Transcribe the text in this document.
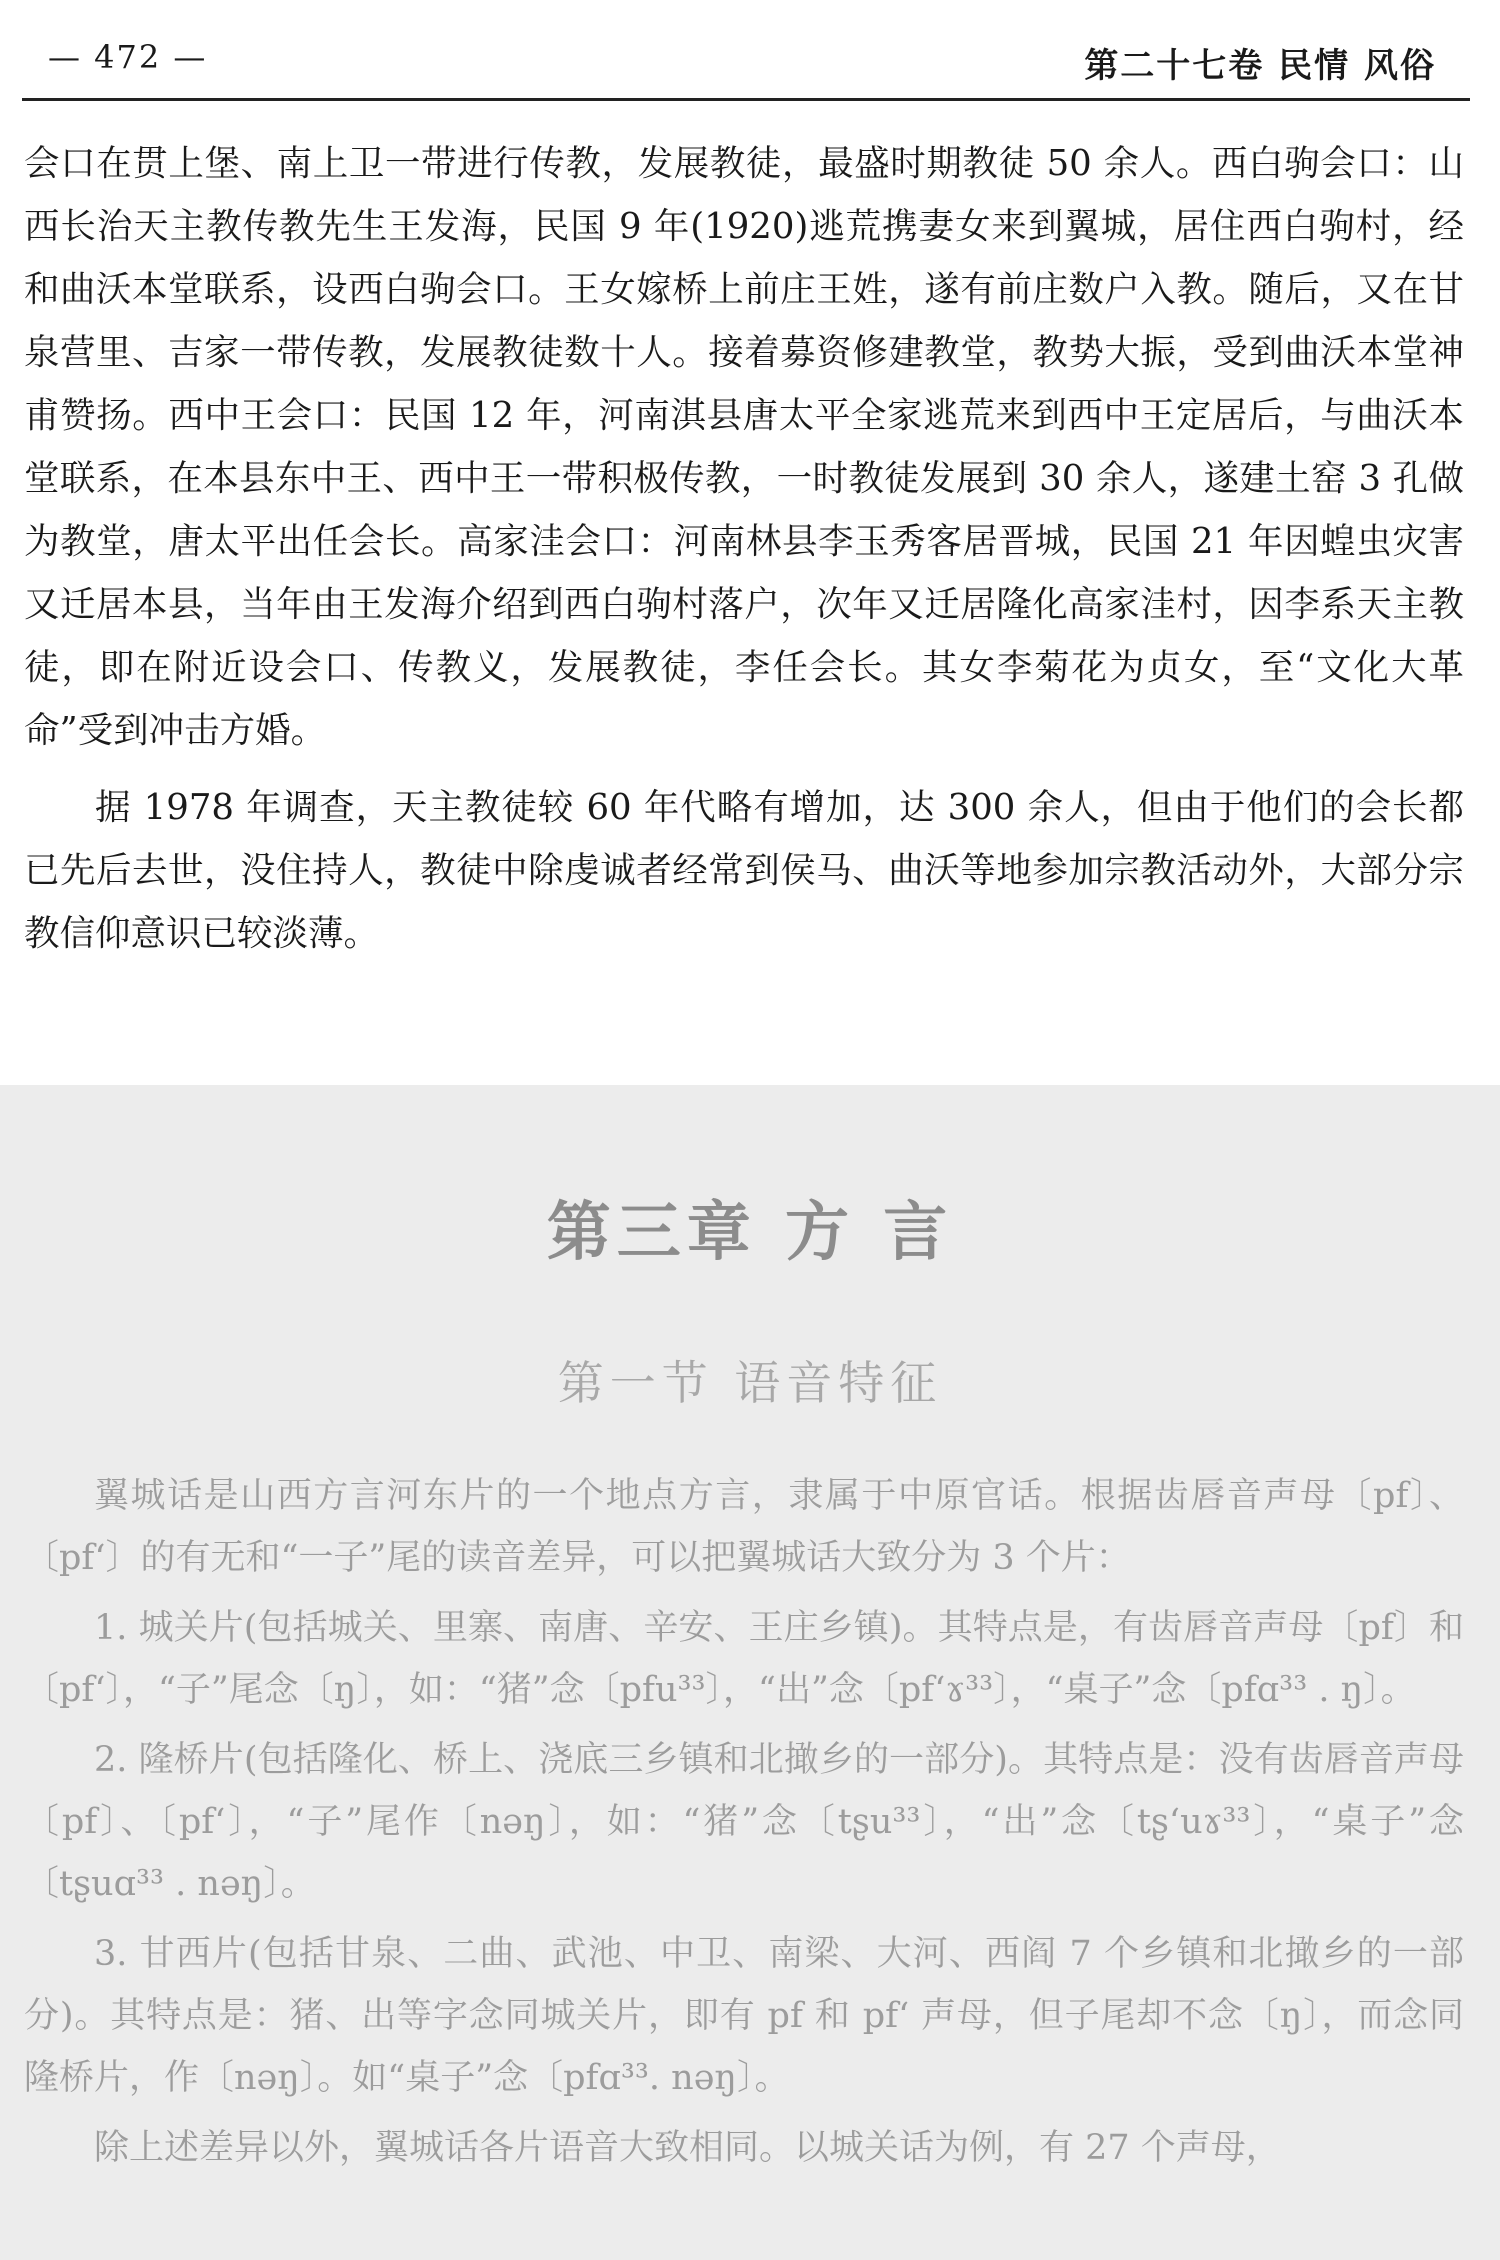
— 472 —	第二十七卷 民情 风俗

会口在贯上堡、南上卫一带进行传教，发展教徒，最盛时期教徒 50 余人。西白驹会口：山西长治天主教传教先生王发海，民国 9 年(1920)逃荒携妻女来到翼城，居住西白驹村，经和曲沃本堂联系，设西白驹会口。王女嫁桥上前庄王姓，遂有前庄数户入教。随后，又在甘泉营里、吉家一带传教，发展教徒数十人。接着募资修建教堂，教势大振，受到曲沃本堂神甫赞扬。西中王会口：民国 12 年，河南淇县唐太平全家逃荒来到西中王定居后，与曲沃本堂联系，在本县东中王、西中王一带积极传教，一时教徒发展到 30 余人，遂建土窑 3 孔做为教堂，唐太平出任会长。高家洼会口：河南林县李玉秀客居晋城，民国 21 年因蝗虫灾害又迁居本县，当年由王发海介绍到西白驹村落户，次年又迁居隆化高家洼村，因李系天主教徒，即在附近设会口、传教义，发展教徒，李任会长。其女李菊花为贞女，至“文化大革命”受到冲击方婚。

据 1978 年调查，天主教徒较 60 年代略有增加，达 300 余人，但由于他们的会长都已先后去世，没住持人，教徒中除虔诚者经常到侯马、曲沃等地参加宗教活动外，大部分宗教信仰意识已较淡薄。

第三章 方 言
第一节 语音特征

翼城话是山西方言河东片的一个地点方言，隶属于中原官话。根据齿唇音声母〔pf〕、〔pf‘〕的有无和“一子”尾的读音差异，可以把翼城话大致分为 3 个片：

1. 城关片(包括城关、里寨、南唐、辛安、王庄乡镇)。其特点是，有齿唇音声母〔pf〕和〔pf‘〕，“子”尾念〔ŋ〕，如：“猪”念〔pfu³³〕，“出”念〔pf‘ɤ³³〕，“桌子”念〔pfɑ³³ . ŋ〕。

2. 隆桥片(包括隆化、桥上、浇底三乡镇和北撖乡的一部分)。其特点是：没有齿唇音声母〔pf〕、〔pf‘〕，“子”尾作〔nəŋ〕，如：“猪”念〔tʂu³³〕，“出”念〔tʂ‘uɤ³³〕，“桌子”念〔tʂuɑ³³ . nəŋ〕。

3. 甘西片(包括甘泉、二曲、武池、中卫、南梁、大河、西阎 7 个乡镇和北撖乡的一部分)。其特点是：猪、出等字念同城关片，即有 pf 和 pf‘ 声母，但子尾却不念〔ŋ〕，而念同隆桥片，作〔nəŋ〕。如“桌子”念〔pfɑ³³. nəŋ〕。

除上述差异以外，翼城话各片语音大致相同。以城关话为例，有 27 个声母，
